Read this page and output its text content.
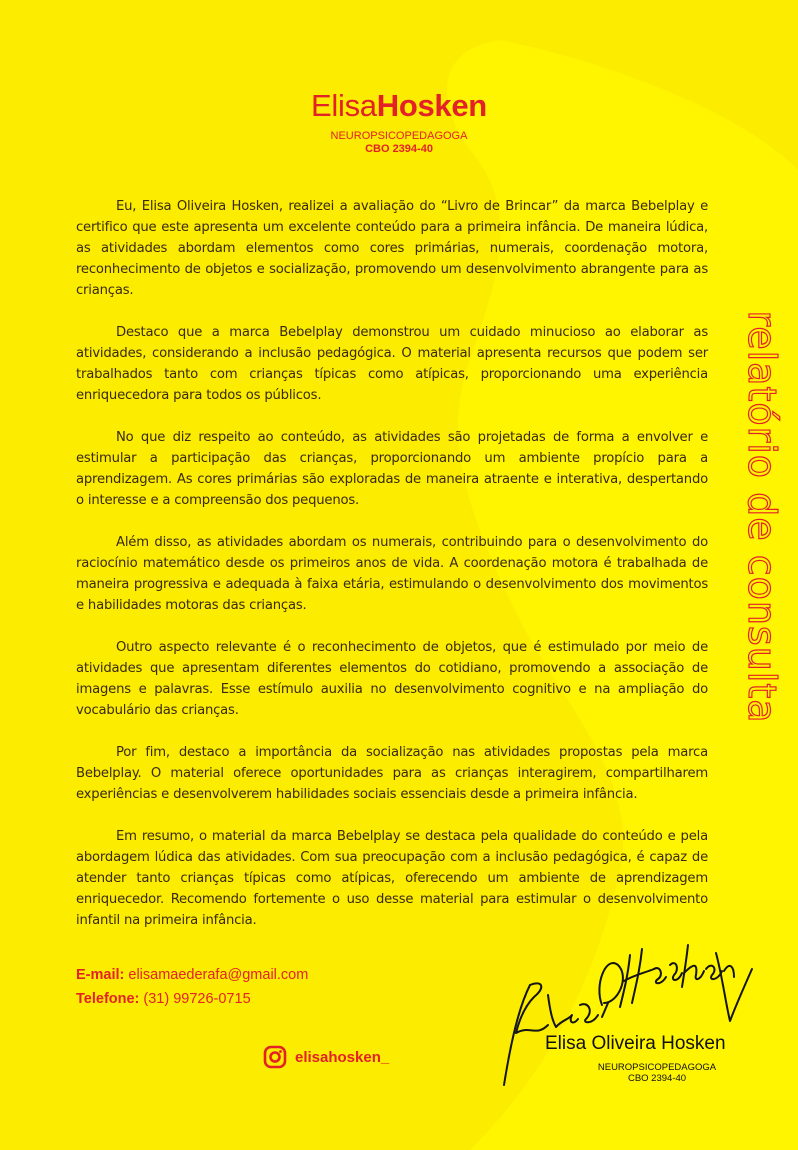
ElisaHosken
NEUROPSICOPEDAGOGA
CBO 2394-40

Eu, Elisa Oliveira Hosken, realizei a avaliação do “Livro de Brincar” da marca Bebelplay e certifico que este apresenta um excelente conteúdo para a primeira infância. De maneira lúdica, as atividades abordam elementos como cores primárias, numerais, coordenação motora, reconhecimento de objetos e socialização, promovendo um desenvolvimento abrangente para as crianças.

Destaco que a marca Bebelplay demonstrou um cuidado minucioso ao elaborar as atividades, considerando a inclusão pedagógica. O material apresenta recursos que podem ser trabalhados tanto com crianças típicas como atípicas, proporcionando uma experiência enriquecedora para todos os públicos.

No que diz respeito ao conteúdo, as atividades são projetadas de forma a envolver e estimular a participação das crianças, proporcionando um ambiente propício para a aprendizagem. As cores primárias são exploradas de maneira atraente e interativa, despertando o interesse e a compreensão dos pequenos.

Além disso, as atividades abordam os numerais, contribuindo para o desenvolvimento do raciocínio matemático desde os primeiros anos de vida. A coordenação motora é trabalhada de maneira progressiva e adequada à faixa etária, estimulando o desenvolvimento dos movimentos e habilidades motoras das crianças.

Outro aspecto relevante é o reconhecimento de objetos, que é estimulado por meio de atividades que apresentam diferentes elementos do cotidiano, promovendo a associação de imagens e palavras. Esse estímulo auxilia no desenvolvimento cognitivo e na ampliação do vocabulário das crianças.

Por fim, destaco a importância da socialização nas atividades propostas pela marca Bebelplay. O material oferece oportunidades para as crianças interagirem, compartilharem experiências e desenvolverem habilidades sociais essenciais desde a primeira infância.

Em resumo, o material da marca Bebelplay se destaca pela qualidade do conteúdo e pela abordagem lúdica das atividades. Com sua preocupação com a inclusão pedagógica, é capaz de atender tanto crianças típicas como atípicas, oferecendo um ambiente de aprendizagem enriquecedor. Recomendo fortemente o uso desse material para estimular o desenvolvimento infantil na primeira infância.

relatório de consulta
E-mail: elisamaederafa@gmail.com
Telefone: (31) 99726-0715
elisahosken_
Elisa Oliveira Hosken
NEUROPSICOPEDAGOGA
CBO 2394-40
